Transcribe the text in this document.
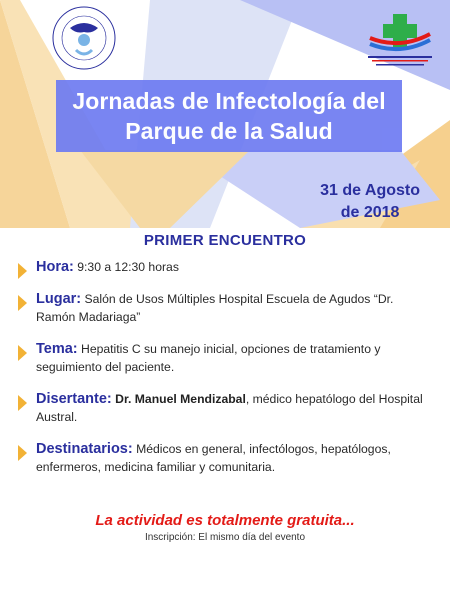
Jornadas de Infectología del
Parque de la Salud
31 de Agosto
de 2018
PRIMER ENCUENTRO
Hora: 9:30 a 12:30 horas
Lugar: Salón de Usos Múltiples Hospital Escuela de Agudos “Dr. Ramón Madariaga”
Tema: Hepatitis C su manejo inicial, opciones de tratamiento y seguimiento del paciente.
Disertante: Dr. Manuel Mendizabal, médico hepatólogo del Hospital Austral.
Destinatarios: Médicos en general, infectólogos, hepatólogos, enfermeros, medicina familiar y comunitaria.
La actividad es totalmente gratuita...
Inscripción: El mismo día del evento
